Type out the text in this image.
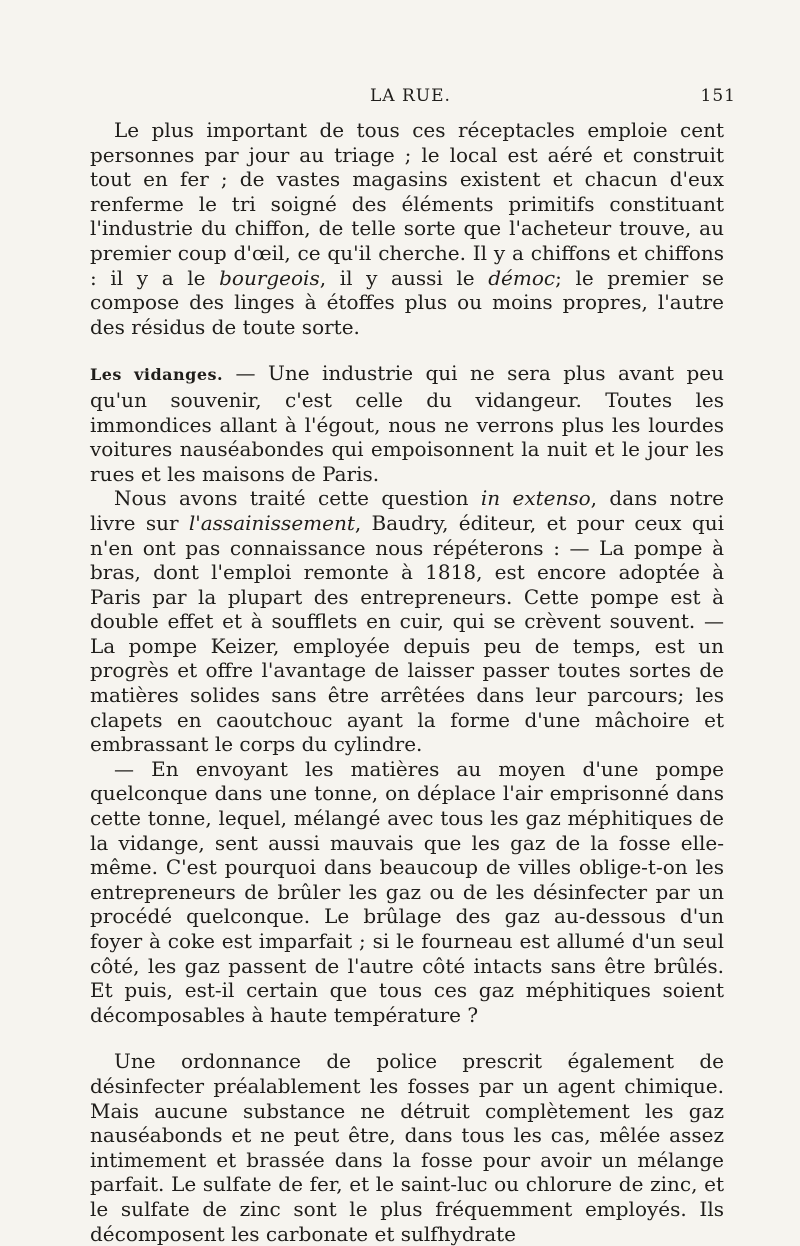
LA RUE.	151

Le plus important de tous ces réceptacles emploie cent personnes par jour au triage ; le local est aéré et construit tout en fer ; de vastes magasins existent et chacun d'eux renferme le tri soigné des éléments primitifs constituant l'industrie du chiffon, de telle sorte que l'acheteur trouve, au premier coup d'œil, ce qu'il cherche. Il y a chiffons et chiffons : il y a le bourgeois, il y aussi le démoc; le premier se compose des linges à étoffes plus ou moins propres, l'autre des résidus de toute sorte.

Les vidanges. — Une industrie qui ne sera plus avant peu qu'un souvenir, c'est celle du vidangeur. Toutes les immondices allant à l'égout, nous ne verrons plus les lourdes voitures nauséabondes qui empoisonnent la nuit et le jour les rues et les maisons de Paris.

Nous avons traité cette question in extenso, dans notre livre sur l'assainissement, Baudry, éditeur, et pour ceux qui n'en ont pas connaissance nous répéterons : — La pompe à bras, dont l'emploi remonte à 1818, est encore adoptée à Paris par la plupart des entrepreneurs. Cette pompe est à double effet et à soufflets en cuir, qui se crèvent souvent. — La pompe Keizer, employée depuis peu de temps, est un progrès et offre l'avantage de laisser passer toutes sortes de matières solides sans être arrêtées dans leur parcours; les clapets en caoutchouc ayant la forme d'une mâchoire et embrassant le corps du cylindre.

— En envoyant les matières au moyen d'une pompe quelconque dans une tonne, on déplace l'air emprisonné dans cette tonne, lequel, mélangé avec tous les gaz méphitiques de la vidange, sent aussi mauvais que les gaz de la fosse elle-même. C'est pourquoi dans beaucoup de villes oblige-t-on les entrepreneurs de brûler les gaz ou de les désinfecter par un procédé quelconque. Le brûlage des gaz au-dessous d'un foyer à coke est imparfait ; si le fourneau est allumé d'un seul côté, les gaz passent de l'autre côté intacts sans être brûlés. Et puis, est-il certain que tous ces gaz méphitiques soient décomposables à haute température ?

Une ordonnance de police prescrit également de désinfecter préalablement les fosses par un agent chimique. Mais aucune substance ne détruit complètement les gaz nauséabonds et ne peut être, dans tous les cas, mêlée assez intimement et brassée dans la fosse pour avoir un mélange parfait. Le sulfate de fer, et le saint-luc ou chlorure de zinc, et le sulfate de zinc sont le plus fréquemment employés. Ils décomposent les carbonate et sulfhydrate
